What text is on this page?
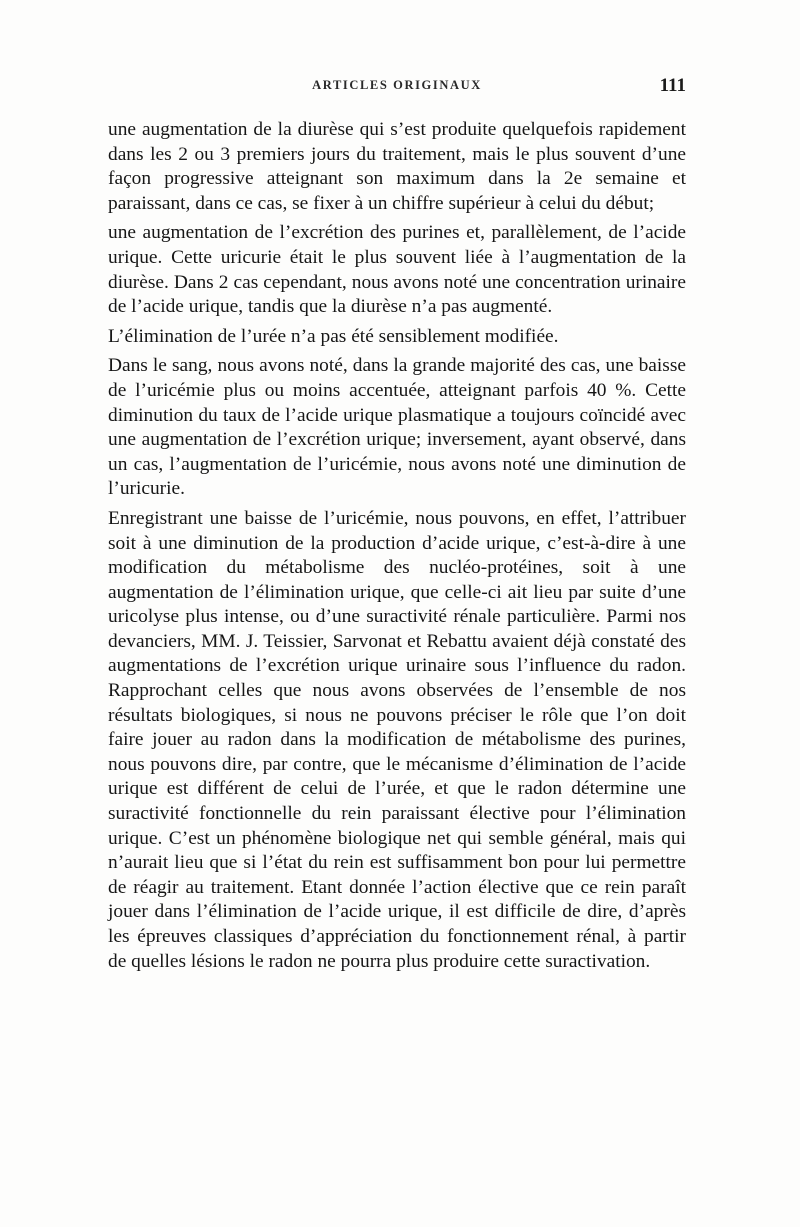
ARTICLES ORIGINAUX	111

une augmentation de la diurèse qui s’est produite quelquefois rapidement dans les 2 ou 3 premiers jours du traitement, mais le plus souvent d’une façon progressive atteignant son maximum dans la 2e semaine et paraissant, dans ce cas, se fixer à un chiffre supérieur à celui du début;

une augmentation de l’excrétion des purines et, parallèlement, de l’acide urique. Cette uricurie était le plus souvent liée à l’augmentation de la diurèse. Dans 2 cas cependant, nous avons noté une concentration urinaire de l’acide urique, tandis que la diurèse n’a pas augmenté.

L’élimination de l’urée n’a pas été sensiblement modifiée.

Dans le sang, nous avons noté, dans la grande majorité des cas, une baisse de l’uricémie plus ou moins accentuée, atteignant parfois 40 %. Cette diminution du taux de l’acide urique plasmatique a toujours coïncidé avec une augmentation de l’excrétion urique; inversement, ayant observé, dans un cas, l’augmentation de l’uricémie, nous avons noté une diminution de l’uricurie.

Enregistrant une baisse de l’uricémie, nous pouvons, en effet, l’attribuer soit à une diminution de la production d’acide urique, c’est-à-dire à une modification du métabolisme des nucléo-protéines, soit à une augmentation de l’élimination urique, que celle-ci ait lieu par suite d’une uricolyse plus intense, ou d’une suractivité rénale particulière. Parmi nos devanciers, MM. J. Teissier, Sarvonat et Rebattu avaient déjà constaté des augmentations de l’excrétion urique urinaire sous l’influence du radon. Rapprochant celles que nous avons observées de l’ensemble de nos résultats biologiques, si nous ne pouvons préciser le rôle que l’on doit faire jouer au radon dans la modification de métabolisme des purines, nous pouvons dire, par contre, que le mécanisme d’élimination de l’acide urique est différent de celui de l’urée, et que le radon détermine une suractivité fonctionnelle du rein paraissant élective pour l’élimination urique. C’est un phénomène biologique net qui semble général, mais qui n’aurait lieu que si l’état du rein est suffisamment bon pour lui permettre de réagir au traitement. Etant donnée l’action élective que ce rein paraît jouer dans l’élimination de l’acide urique, il est difficile de dire, d’après les épreuves classiques d’appréciation du fonctionnement rénal, à partir de quelles lésions le radon ne pourra plus produire cette suractivation.
